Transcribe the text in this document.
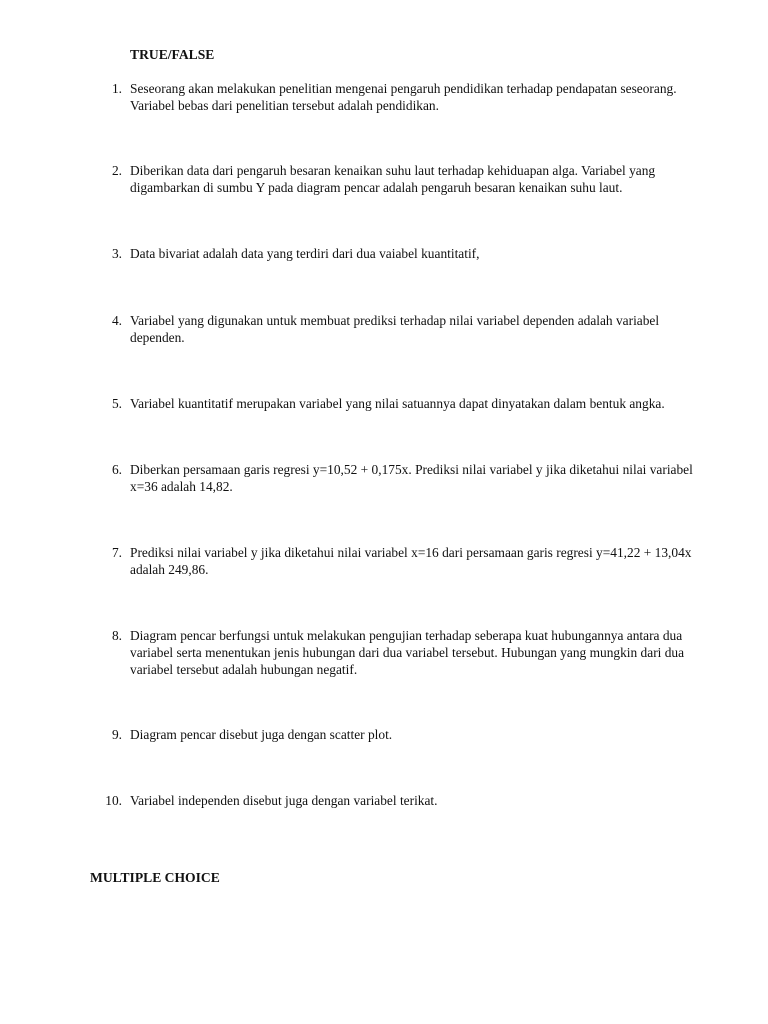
TRUE/FALSE
1. Seseorang akan melakukan penelitian mengenai pengaruh pendidikan terhadap pendapatan seseorang. Variabel bebas dari penelitian tersebut adalah pendidikan.
2. Diberikan data dari pengaruh besaran kenaikan suhu laut terhadap kehiduapan alga. Variabel yang digambarkan di sumbu Y pada diagram pencar adalah pengaruh besaran kenaikan suhu laut.
3. Data bivariat adalah data yang terdiri dari dua vaiabel kuantitatif,
4. Variabel yang digunakan untuk membuat prediksi terhadap nilai variabel dependen adalah variabel dependen.
5. Variabel kuantitatif merupakan variabel yang nilai satuannya dapat dinyatakan dalam bentuk angka.
6. Diberkan persamaan garis regresi y=10,52 + 0,175x. Prediksi nilai variabel y jika diketahui nilai variabel x=36 adalah 14,82.
7. Prediksi nilai variabel y jika diketahui nilai variabel x=16 dari persamaan garis regresi y=41,22 + 13,04x adalah 249,86.
8. Diagram pencar berfungsi untuk melakukan pengujian terhadap seberapa kuat hubungannya antara dua variabel serta menentukan jenis hubungan dari dua variabel tersebut. Hubungan yang mungkin dari dua variabel tersebut adalah hubungan negatif.
9. Diagram pencar disebut juga dengan scatter plot.
10. Variabel independen disebut juga dengan variabel terikat.
MULTIPLE CHOICE
